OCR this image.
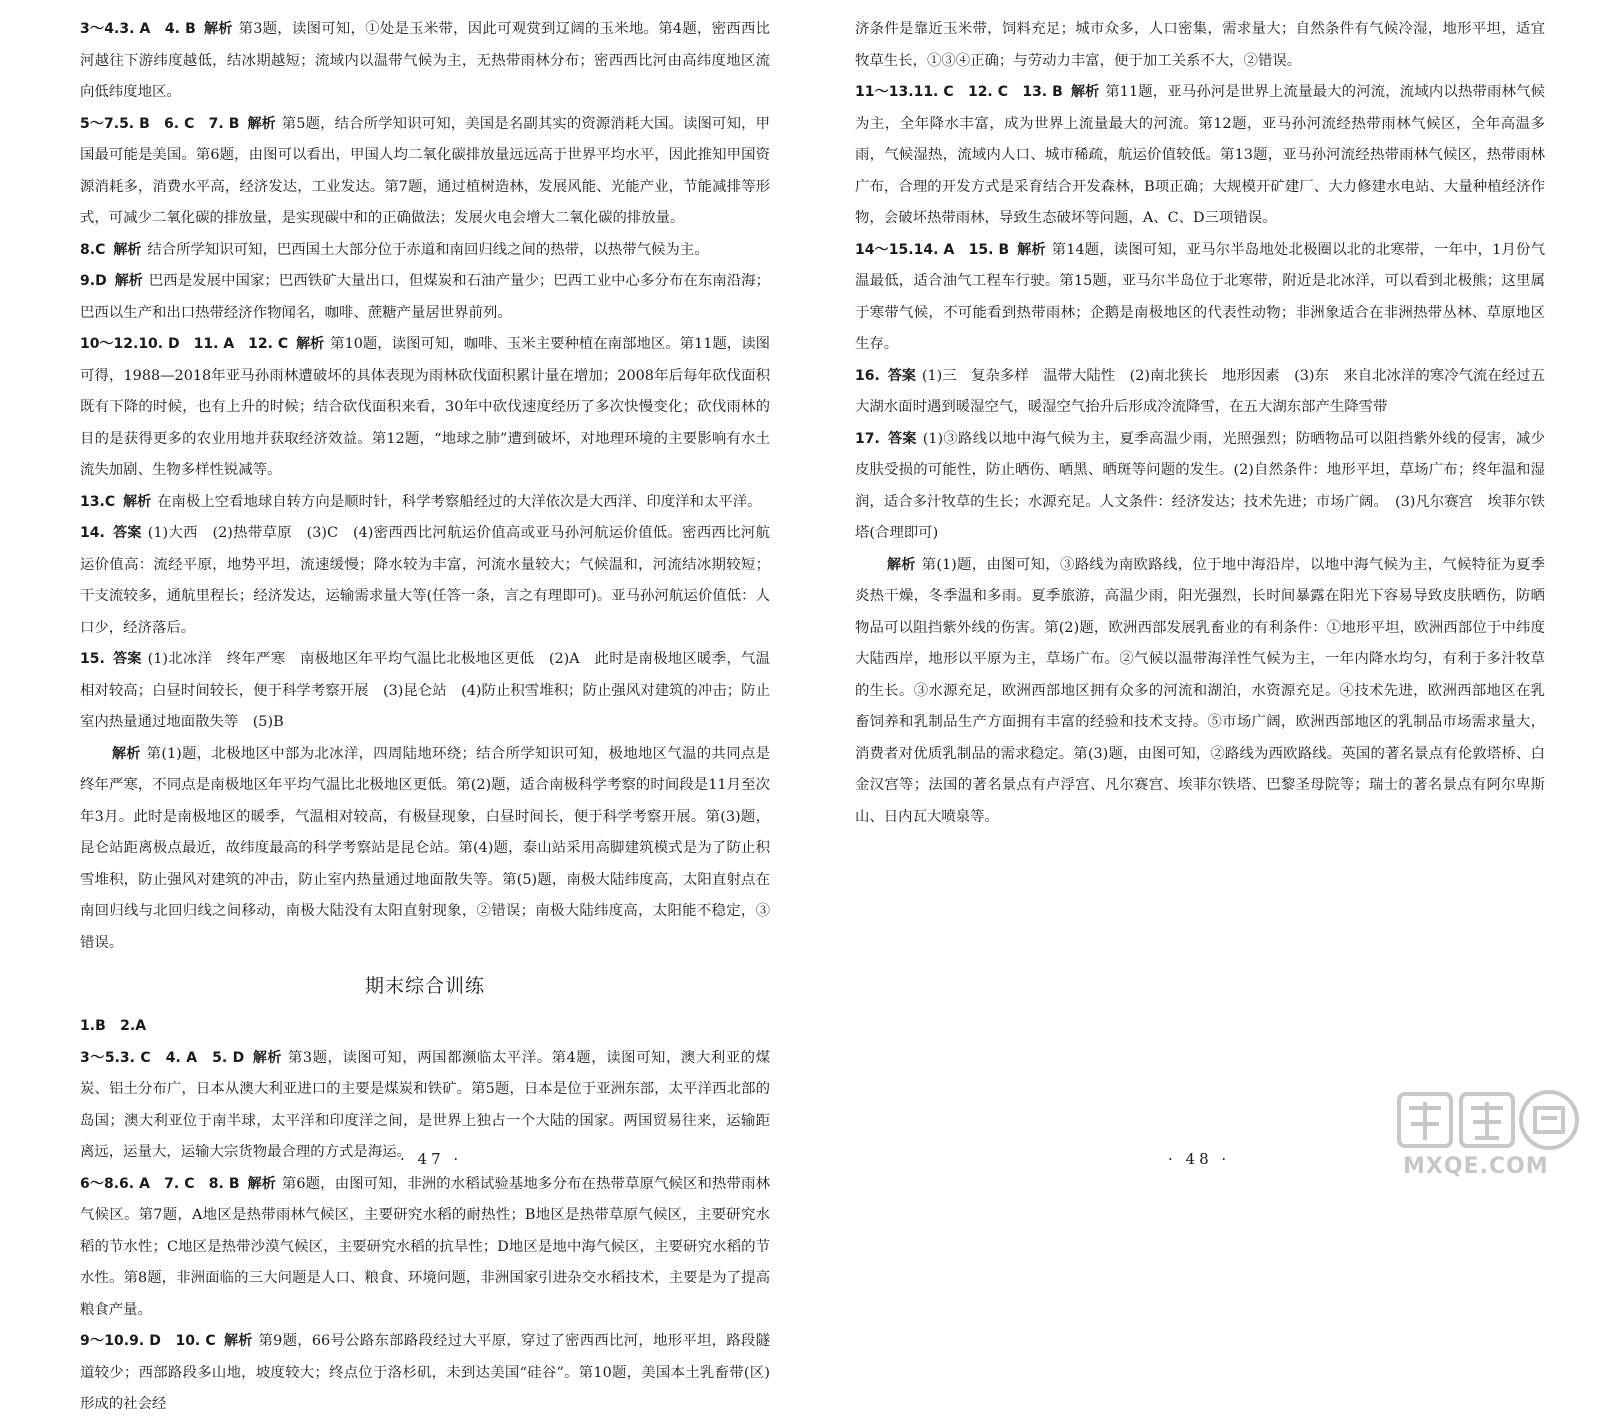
3～4.3. A　4. B 解析 第3题，读图可知，①处是玉米带，因此可观赏到辽阔的玉米地。第4题，密西西比河越往下游纬度越低，结冰期越短；流域内以温带气候为主，无热带雨林分布；密西西比河由高纬度地区流向低纬度地区。

5～7.5. B　6. C　7. B 解析 第5题，结合所学知识可知，美国是名副其实的资源消耗大国。读图可知，甲国最可能是美国。第6题，由图可以看出，甲国人均二氧化碳排放量远远高于世界平均水平，因此推知甲国资源消耗多，消费水平高，经济发达，工业发达。第7题，通过植树造林，发展风能、光能产业，节能减排等形式，可减少二氧化碳的排放量，是实现碳中和的正确做法；发展火电会增大二氧化碳的排放量。

8.C 解析 结合所学知识可知，巴西国土大部分位于赤道和南回归线之间的热带，以热带气候为主。

9.D 解析 巴西是发展中国家；巴西铁矿大量出口，但煤炭和石油产量少；巴西工业中心多分布在东南沿海；巴西以生产和出口热带经济作物闻名，咖啡、蔗糖产量居世界前列。

10～12.10. D　11. A　12. C 解析 第10题，读图可知，咖啡、玉米主要种植在南部地区。第11题，读图可得，1988—2018年亚马孙雨林遭破坏的具体表现为雨林砍伐面积累计量在增加；2008年后每年砍伐面积既有下降的时候，也有上升的时候；结合砍伐面积来看，30年中砍伐速度经历了多次快慢变化；砍伐雨林的目的是获得更多的农业用地并获取经济效益。第12题，“地球之肺”遭到破坏，对地理环境的主要影响有水土流失加剧、生物多样性锐减等。

13.C 解析 在南极上空看地球自转方向是顺时针，科学考察船经过的大洋依次是大西洋、印度洋和太平洋。

14. 答案 (1)大西　(2)热带草原　(3)C　(4)密西西比河航运价值高或亚马孙河航运价值低。密西西比河航运价值高：流经平原，地势平坦，流速缓慢；降水较为丰富，河流水量较大；气候温和，河流结冰期较短；干支流较多，通航里程长；经济发达，运输需求量大等(任答一条，言之有理即可)。亚马孙河航运价值低：人口少，经济落后。

15. 答案 (1)北冰洋　终年严寒　南极地区年平均气温比北极地区更低　(2)A　此时是南极地区暖季，气温相对较高；白昼时间较长，便于科学考察开展　(3)昆仑站　(4)防止积雪堆积；防止强风对建筑的冲击；防止室内热量通过地面散失等　(5)B

解析 第(1)题，北极地区中部为北冰洋，四周陆地环绕；结合所学知识可知，极地地区气温的共同点是终年严寒，不同点是南极地区年平均气温比北极地区更低。第(2)题，适合南极科学考察的时间段是11月至次年3月。此时是南极地区的暖季，气温相对较高，有极昼现象，白昼时间长，便于科学考察开展。第(3)题，昆仑站距离极点最近，故纬度最高的科学考察站是昆仑站。第(4)题，泰山站采用高脚建筑模式是为了防止积雪堆积，防止强风对建筑的冲击，防止室内热量通过地面散失等。第(5)题，南极大陆纬度高，太阳直射点在南回归线与北回归线之间移动，南极大陆没有太阳直射现象，②错误；南极大陆纬度高，太阳能不稳定，③错误。

期末综合训练

1.B　 2.A

3～5.3. C　4. A　5. D 解析 第3题，读图可知，两国都濒临太平洋。第4题，读图可知，澳大利亚的煤炭、铝土分布广，日本从澳大利亚进口的主要是煤炭和铁矿。第5题，日本是位于亚洲东部，太平洋西北部的岛国；澳大利亚位于南半球，太平洋和印度洋之间，是世界上独占一个大陆的国家。两国贸易往来，运输距离远，运量大，运输大宗货物最合理的方式是海运。

6～8.6. A　7. C　8. B 解析 第6题，由图可知，非洲的水稻试验基地多分布在热带草原气候区和热带雨林气候区。第7题，A地区是热带雨林气候区，主要研究水稻的耐热性；B地区是热带草原气候区，主要研究水稻的节水性；C地区是热带沙漠气候区，主要研究水稻的抗旱性；D地区是地中海气候区，主要研究水稻的节水性。第8题，非洲面临的三大问题是人口、粮食、环境问题，非洲国家引进杂交水稻技术，主要是为了提高粮食产量。

9～10.9. D　10. C 解析 第9题，66号公路东部路段经过大平原，穿过了密西西比河，地形平坦，路段隧道较少；西部路段多山地，坡度较大；终点位于洛杉矶，未到达美国“硅谷”。第10题，美国本土乳畜带(区)形成的社会经

济条件是靠近玉米带，饲料充足；城市众多，人口密集，需求量大；自然条件有气候冷湿，地形平坦，适宜牧草生长，①③④正确；与劳动力丰富，便于加工关系不大，②错误。

11～13.11. C　12. C　13. B 解析 第11题，亚马孙河是世界上流量最大的河流，流域内以热带雨林气候为主，全年降水丰富，成为世界上流量最大的河流。第12题，亚马孙河流经热带雨林气候区，全年高温多雨，气候湿热，流域内人口、城市稀疏，航运价值较低。第13题，亚马孙河流经热带雨林气候区，热带雨林广布，合理的开发方式是采育结合开发森林，B项正确；大规模开矿建厂、大力修建水电站、大量种植经济作物，会破坏热带雨林，导致生态破坏等问题，A、C、D三项错误。

14～15.14. A　15. B 解析 第14题，读图可知，亚马尔半岛地处北极圈以北的北寒带，一年中，1月份气温最低，适合油气工程车行驶。第15题，亚马尔半岛位于北寒带，附近是北冰洋，可以看到北极熊；这里属于寒带气候，不可能看到热带雨林；企鹅是南极地区的代表性动物；非洲象适合在非洲热带丛林、草原地区生存。

16. 答案 (1)三　复杂多样　温带大陆性　(2)南北狭长　地形因素　(3)东　来自北冰洋的寒冷气流在经过五大湖水面时遇到暖湿空气，暖湿空气抬升后形成冷流降雪，在五大湖东部产生降雪带

17. 答案 (1)③路线以地中海气候为主，夏季高温少雨，光照强烈；防晒物品可以阻挡紫外线的侵害，减少皮肤受损的可能性，防止晒伤、晒黑、晒斑等问题的发生。(2)自然条件：地形平坦，草场广布；终年温和湿润，适合多汁牧草的生长；水源充足。人文条件：经济发达；技术先进；市场广阔。　(3)凡尔赛宫　埃菲尔铁塔(合理即可)

解析 第(1)题，由图可知，③路线为南欧路线，位于地中海沿岸，以地中海气候为主，气候特征为夏季炎热干燥，冬季温和多雨。夏季旅游，高温少雨，阳光强烈，长时间暴露在阳光下容易导致皮肤晒伤，防晒物品可以阻挡紫外线的伤害。第(2)题，欧洲西部发展乳畜业的有利条件：①地形平坦，欧洲西部位于中纬度大陆西岸，地形以平原为主，草场广布。②气候以温带海洋性气候为主，一年内降水均匀，有利于多汁牧草的生长。③水源充足，欧洲西部地区拥有众多的河流和湖泊，水资源充足。④技术先进，欧洲西部地区在乳畜饲养和乳制品生产方面拥有丰富的经验和技术支持。⑤市场广阔，欧洲西部地区的乳制品市场需求量大，消费者对优质乳制品的需求稳定。第(3)题，由图可知，②路线为西欧路线。英国的著名景点有伦敦塔桥、白金汉宫等；法国的著名景点有卢浮宫、凡尔赛宫、埃菲尔铁塔、巴黎圣母院等；瑞士的著名景点有阿尔卑斯山、日内瓦大喷泉等。

· 47 ·	· 48 ·	MXQE.COM
